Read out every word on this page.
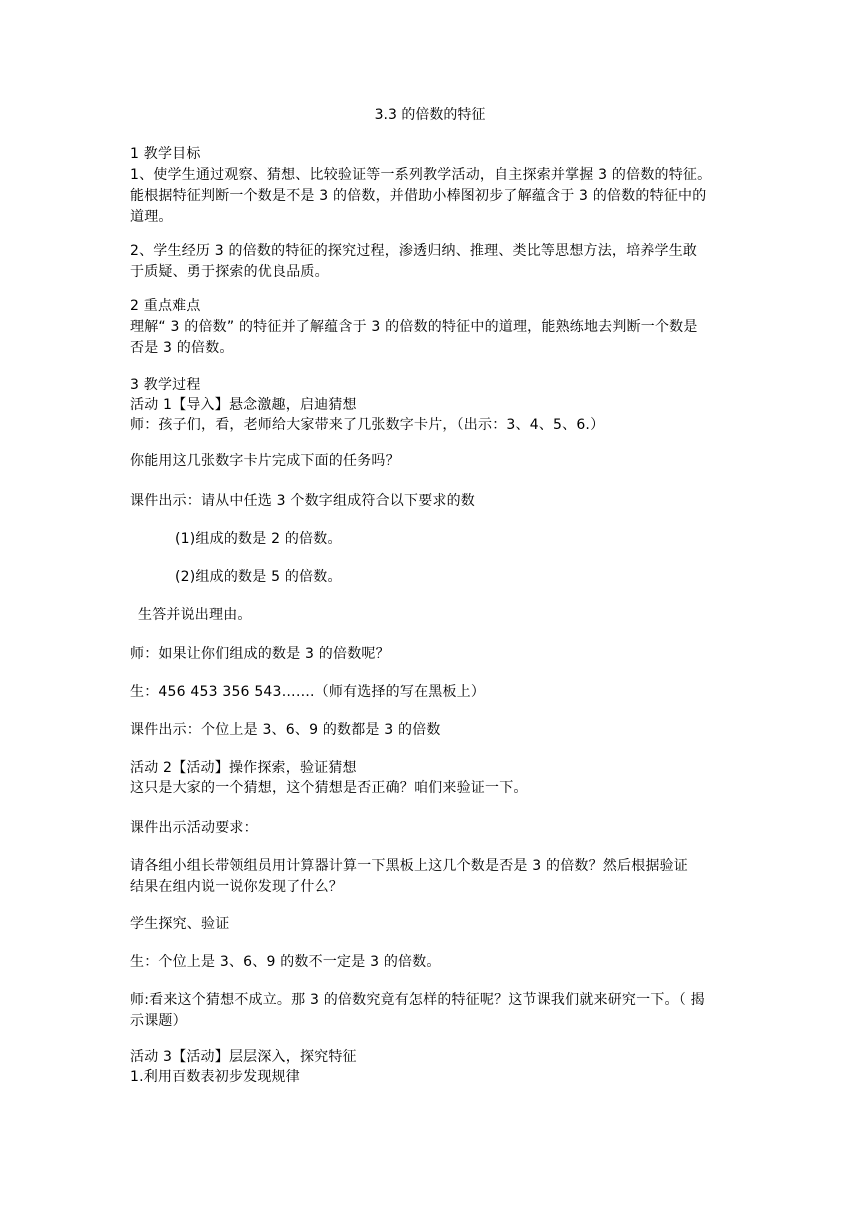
3.3 的倍数的特征
1 教学目标
1、使学生通过观察、猜想、比较验证等一系列教学活动，自主探索并掌握 3 的倍数的特征。
能根据特征判断一个数是不是 3 的倍数，并借助小棒图初步了解蕴含于 3 的倍数的特征中的
道理。
2、学生经历 3 的倍数的特征的探究过程，渗透归纳、推理、类比等思想方法，培养学生敢
于质疑、勇于探索的优良品质。
2 重点难点
理解“ 3 的倍数” 的特征并了解蕴含于 3 的倍数的特征中的道理，能熟练地去判断一个数是
否是 3 的倍数。
3 教学过程
活动 1【导入】悬念激趣，启迪猜想
师：孩子们，看，老师给大家带来了几张数字卡片，（出示：3、4、5、6.）
你能用这几张数字卡片完成下面的任务吗？
课件出示：请从中任选 3 个数字组成符合以下要求的数
(1)组成的数是 2 的倍数。
(2)组成的数是 5 的倍数。
生答并说出理由。
师：如果让你们组成的数是 3 的倍数呢？
生：456 453 356 543…….（师有选择的写在黑板上）
课件出示：个位上是 3、6、9 的数都是 3 的倍数
活动 2【活动】操作探索，验证猜想
这只是大家的一个猜想，这个猜想是否正确？咱们来验证一下。
课件出示活动要求：
请各组小组长带领组员用计算器计算一下黑板上这几个数是否是 3 的倍数？然后根据验证
结果在组内说一说你发现了什么？
学生探究、验证
生：个位上是 3、6、9 的数不一定是 3 的倍数。
师:看来这个猜想不成立。那 3 的倍数究竟有怎样的特征呢？这节课我们就来研究一下。（ 揭
示课题）
活动 3【活动】层层深入，探究特征
1.利用百数表初步发现规律
